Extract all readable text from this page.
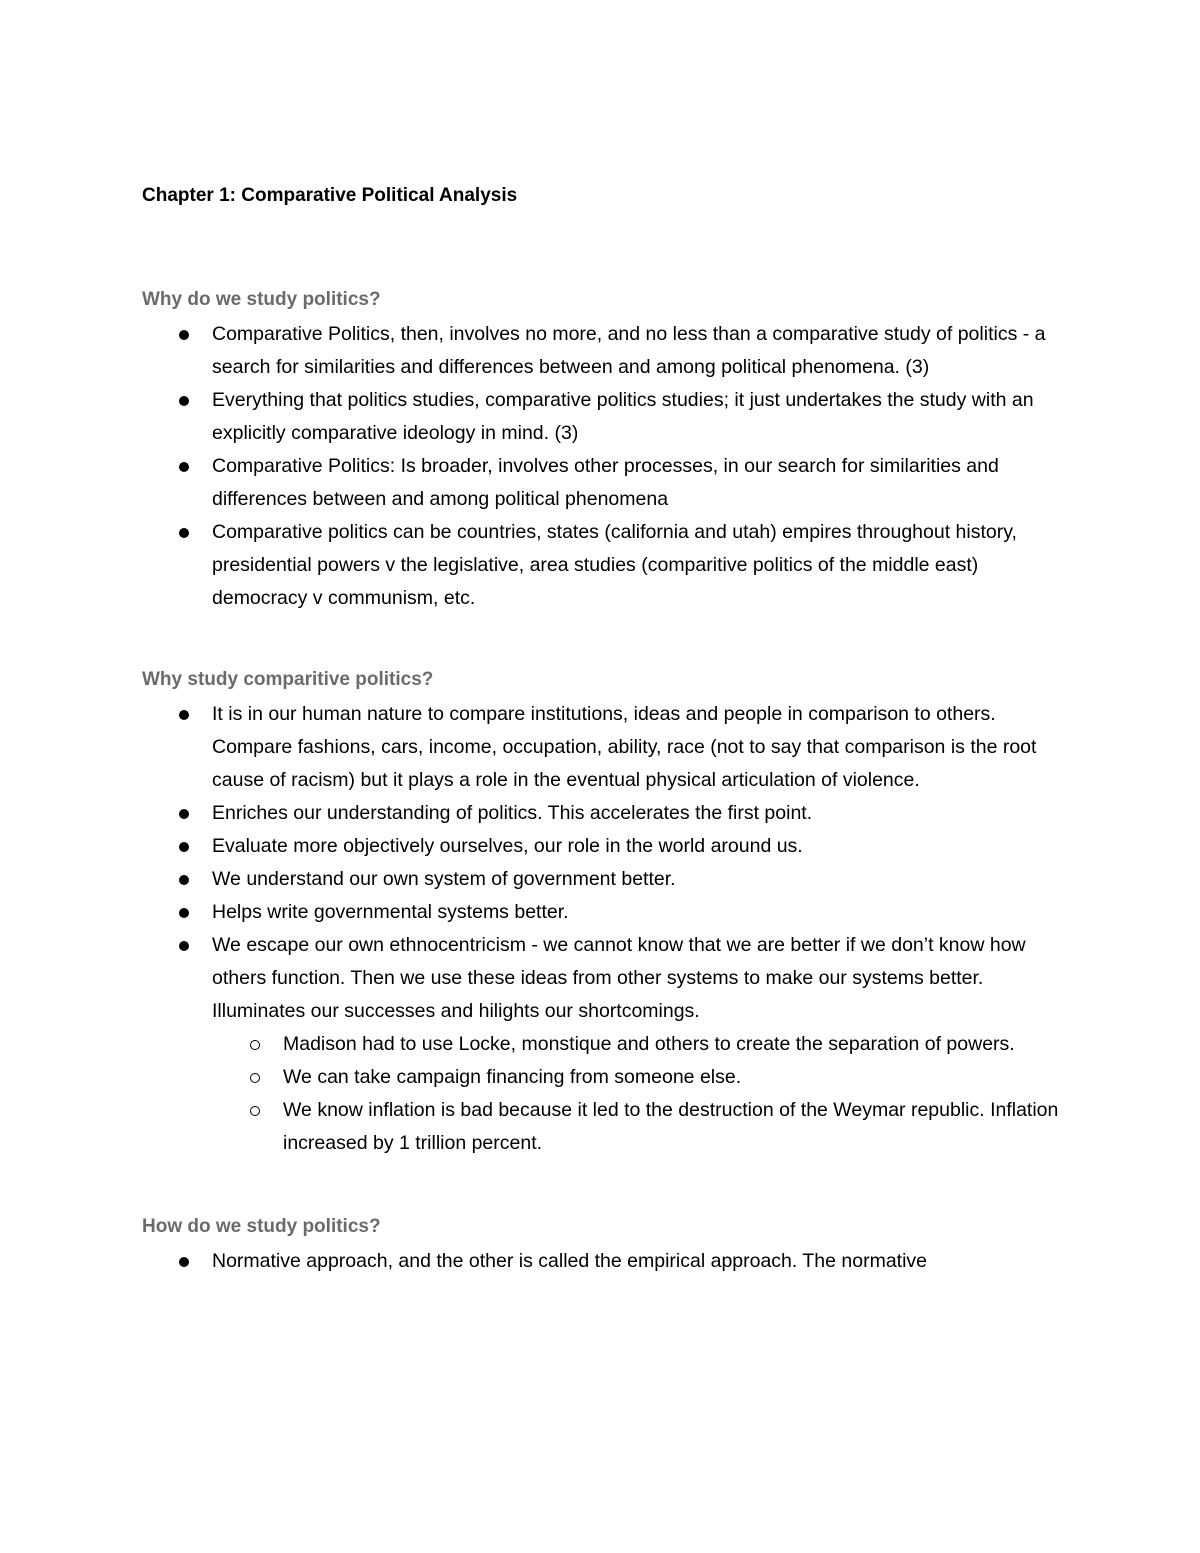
Chapter 1: Comparative Political Analysis
Why do we study politics?
Comparative Politics, then, involves no more, and no less than a comparative study of politics - a search for similarities and differences between and among political phenomena. (3)
Everything that politics studies, comparative politics studies; it just undertakes the study with an explicitly comparative ideology in mind. (3)
Comparative Politics: Is broader, involves other processes, in our search for similarities and differences between and among political phenomena
Comparative politics can be countries, states (california and utah) empires throughout history, presidential powers v the legislative, area studies (comparitive politics of the middle east) democracy v communism, etc.
Why study comparitive politics?
It is in our human nature to compare institutions, ideas and people in comparison to others. Compare fashions, cars, income, occupation, ability, race (not to say that comparison is the root cause of racism) but it plays a role in the eventual physical articulation of violence.
Enriches our understanding of politics. This accelerates the first point.
Evaluate more objectively ourselves, our role in the world around us.
We understand our own system of government better.
Helps write governmental systems better.
We escape our own ethnocentricism - we cannot know that we are better if we don’t know how others function. Then we use these ideas from other systems to make our systems better. Illuminates our successes and hilights our shortcomings.
Madison had to use Locke, monstique and others to create the separation of powers.
We can take campaign financing from someone else.
We know inflation is bad because it led to the destruction of the Weymar republic. Inflation increased by 1 trillion percent.
How do we study politics?
Normative approach, and the other is called the empirical approach. The normative
